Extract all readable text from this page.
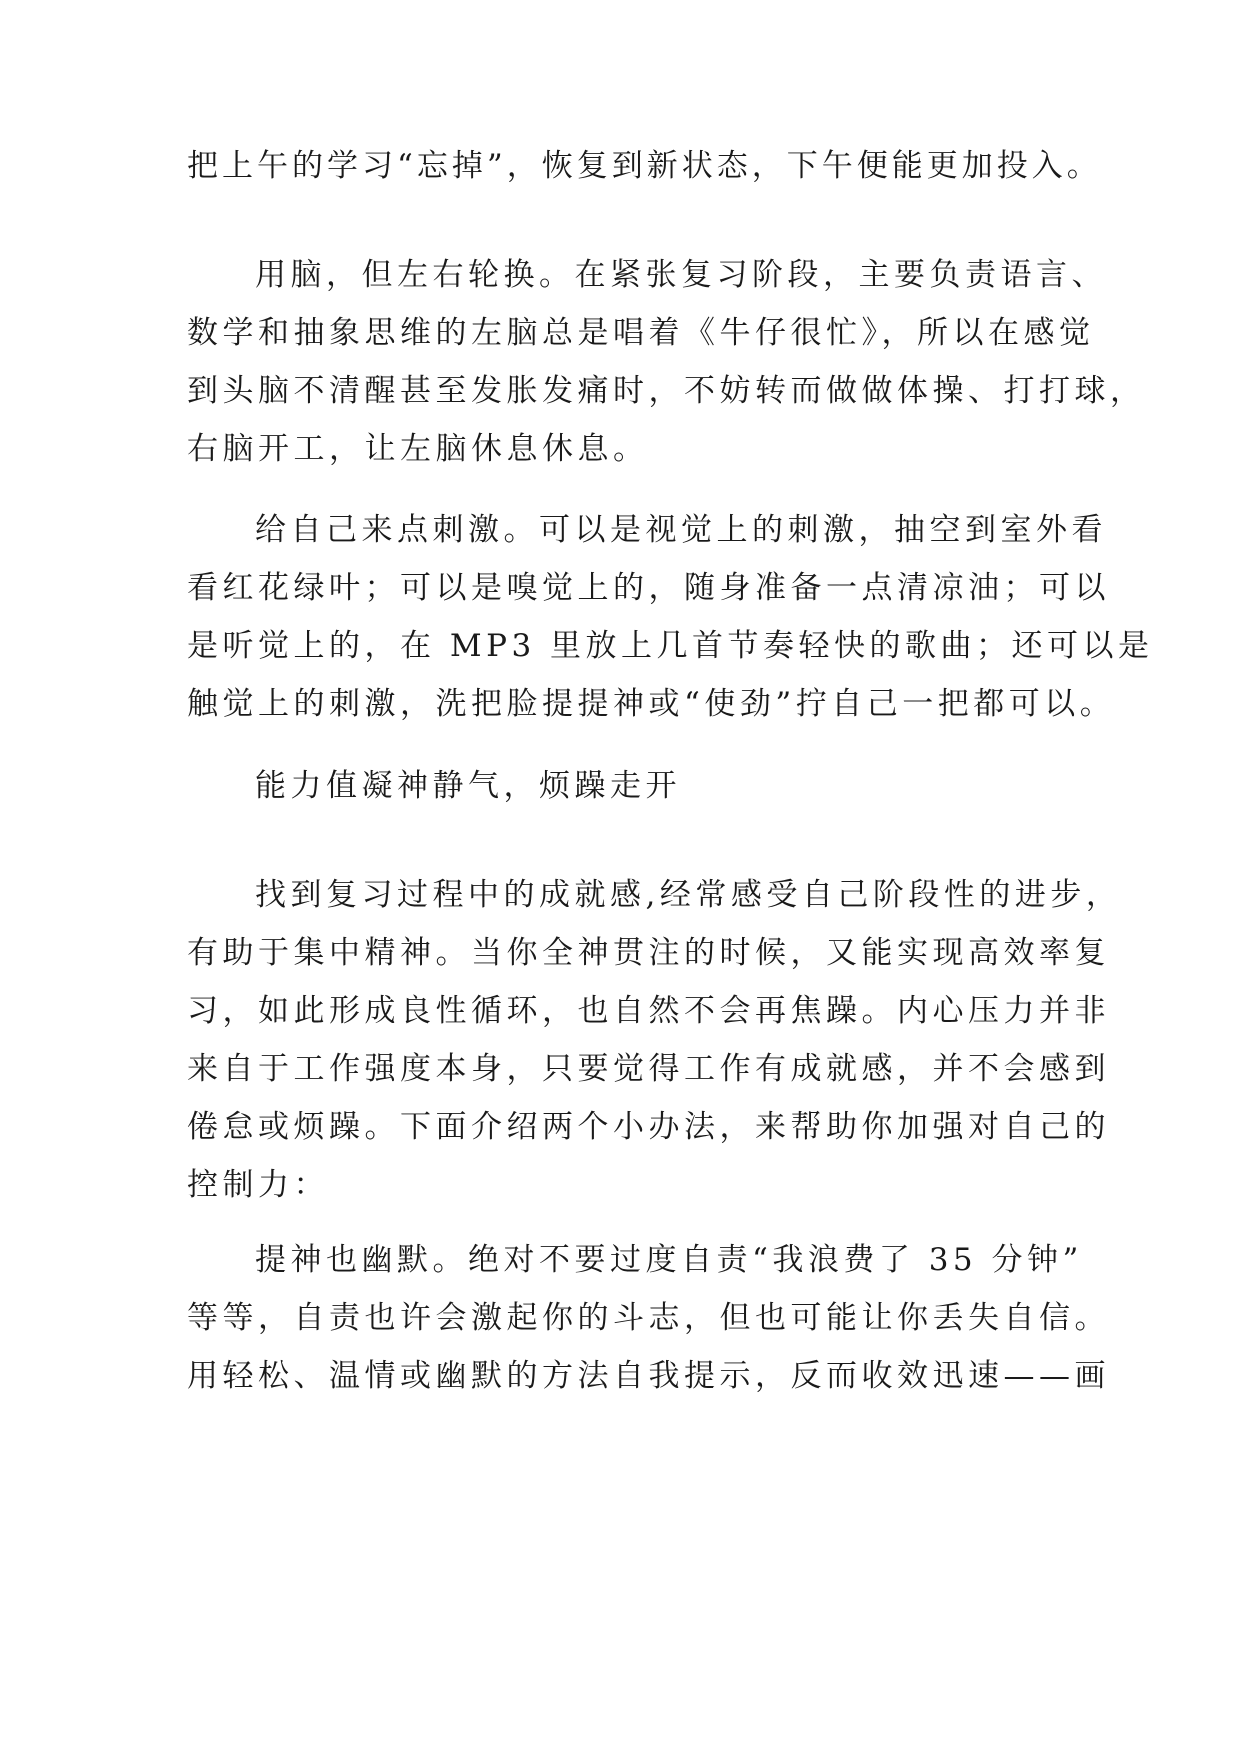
把上午的学习“忘掉”，恢复到新状态，下午便能更加投入。
用脑，但左右轮换。在紧张复习阶段，主要负责语言、
数学和抽象思维的左脑总是唱着《牛仔很忙》，所以在感觉
到头脑不清醒甚至发胀发痛时，不妨转而做做体操、打打球，
右脑开工，让左脑休息休息。
给自己来点刺激。可以是视觉上的刺激，抽空到室外看
看红花绿叶；可以是嗅觉上的，随身准备一点清凉油；可以
是听觉上的，在 MP3 里放上几首节奏轻快的歌曲；还可以是
触觉上的刺激，洗把脸提提神或“使劲”拧自己一把都可以。
能力值凝神静气，烦躁走开
找到复习过程中的成就感,经常感受自己阶段性的进步，
有助于集中精神。当你全神贯注的时候，又能实现高效率复
习，如此形成良性循环，也自然不会再焦躁。内心压力并非
来自于工作强度本身，只要觉得工作有成就感，并不会感到
倦怠或烦躁。下面介绍两个小办法，来帮助你加强对自己的
控制力：
提神也幽默。绝对不要过度自责“我浪费了 35 分钟”
等等，自责也许会激起你的斗志，但也可能让你丢失自信。
用轻松、温情或幽默的方法自我提示，反而收效迅速——画
